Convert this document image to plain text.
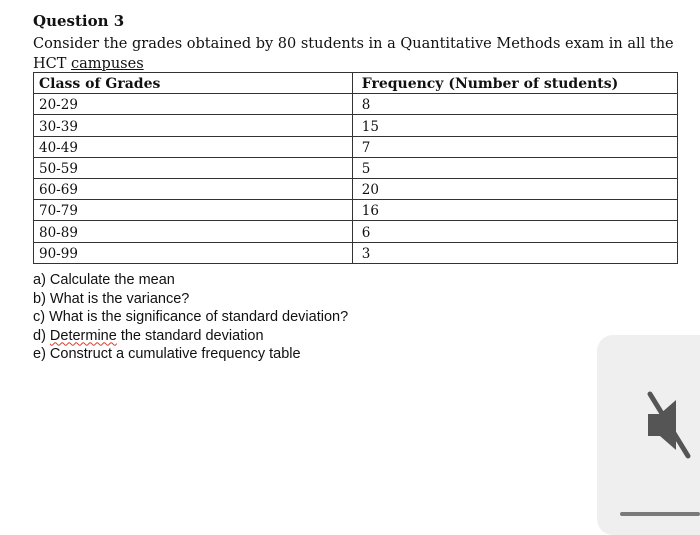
Question 3
Consider the grades obtained by 80 students in a Quantitative Methods exam in all the HCT campuses
Class of Grades	Frequency (Number of students)
20-29	8
30-39	15
40-49	7
50-59	5
60-69	20
70-79	16
80-89	6
90-99	3
a) Calculate the mean
b) What is the variance?
c) What is the significance of standard deviation?
d) Determine the standard deviation
e) Construct a cumulative frequency table
